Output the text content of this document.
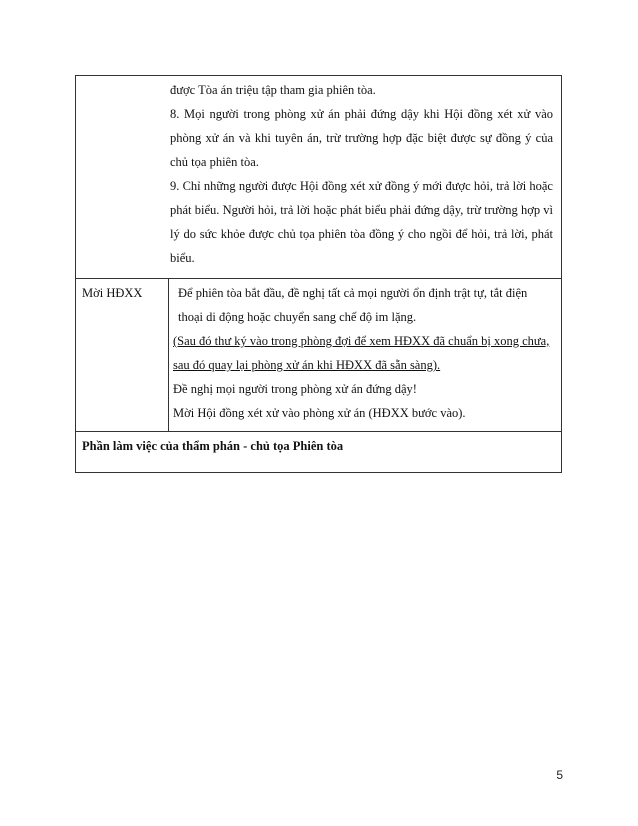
được Tòa án triệu tập tham gia phiên tòa.

8. Mọi người trong phòng xử án phải đứng dậy khi Hội đồng xét xử vào phòng xử án và khi tuyên án, trừ trường hợp đặc biệt được sự đồng ý của chủ tọa phiên tòa.

9. Chỉ những người được Hội đồng xét xử đồng ý mới được hỏi, trả lời hoặc phát biểu. Người hỏi, trả lời hoặc phát biểu phải đứng dậy, trừ trường hợp vì lý do sức khỏe được chủ tọa phiên tòa đồng ý cho ngồi để hỏi, trả lời, phát biểu.

Mời HĐXX	Để phiên tòa bắt đầu, đề nghị tất cả mọi người ổn định trật tự, tắt điện thoại di động hoặc chuyển sang chế độ im lặng.

(Sau đó thư ký vào trong phòng đợi để xem HĐXX đã chuẩn bị xong chưa, sau đó quay lại phòng xử án khi HĐXX đã sẵn sàng).

Đề nghị mọi người trong phòng xử án đứng dậy!

Mời Hội đồng xét xử vào phòng xử án (HĐXX bước vào).

Phần làm việc của thẩm phán - chủ tọa Phiên tòa
5
